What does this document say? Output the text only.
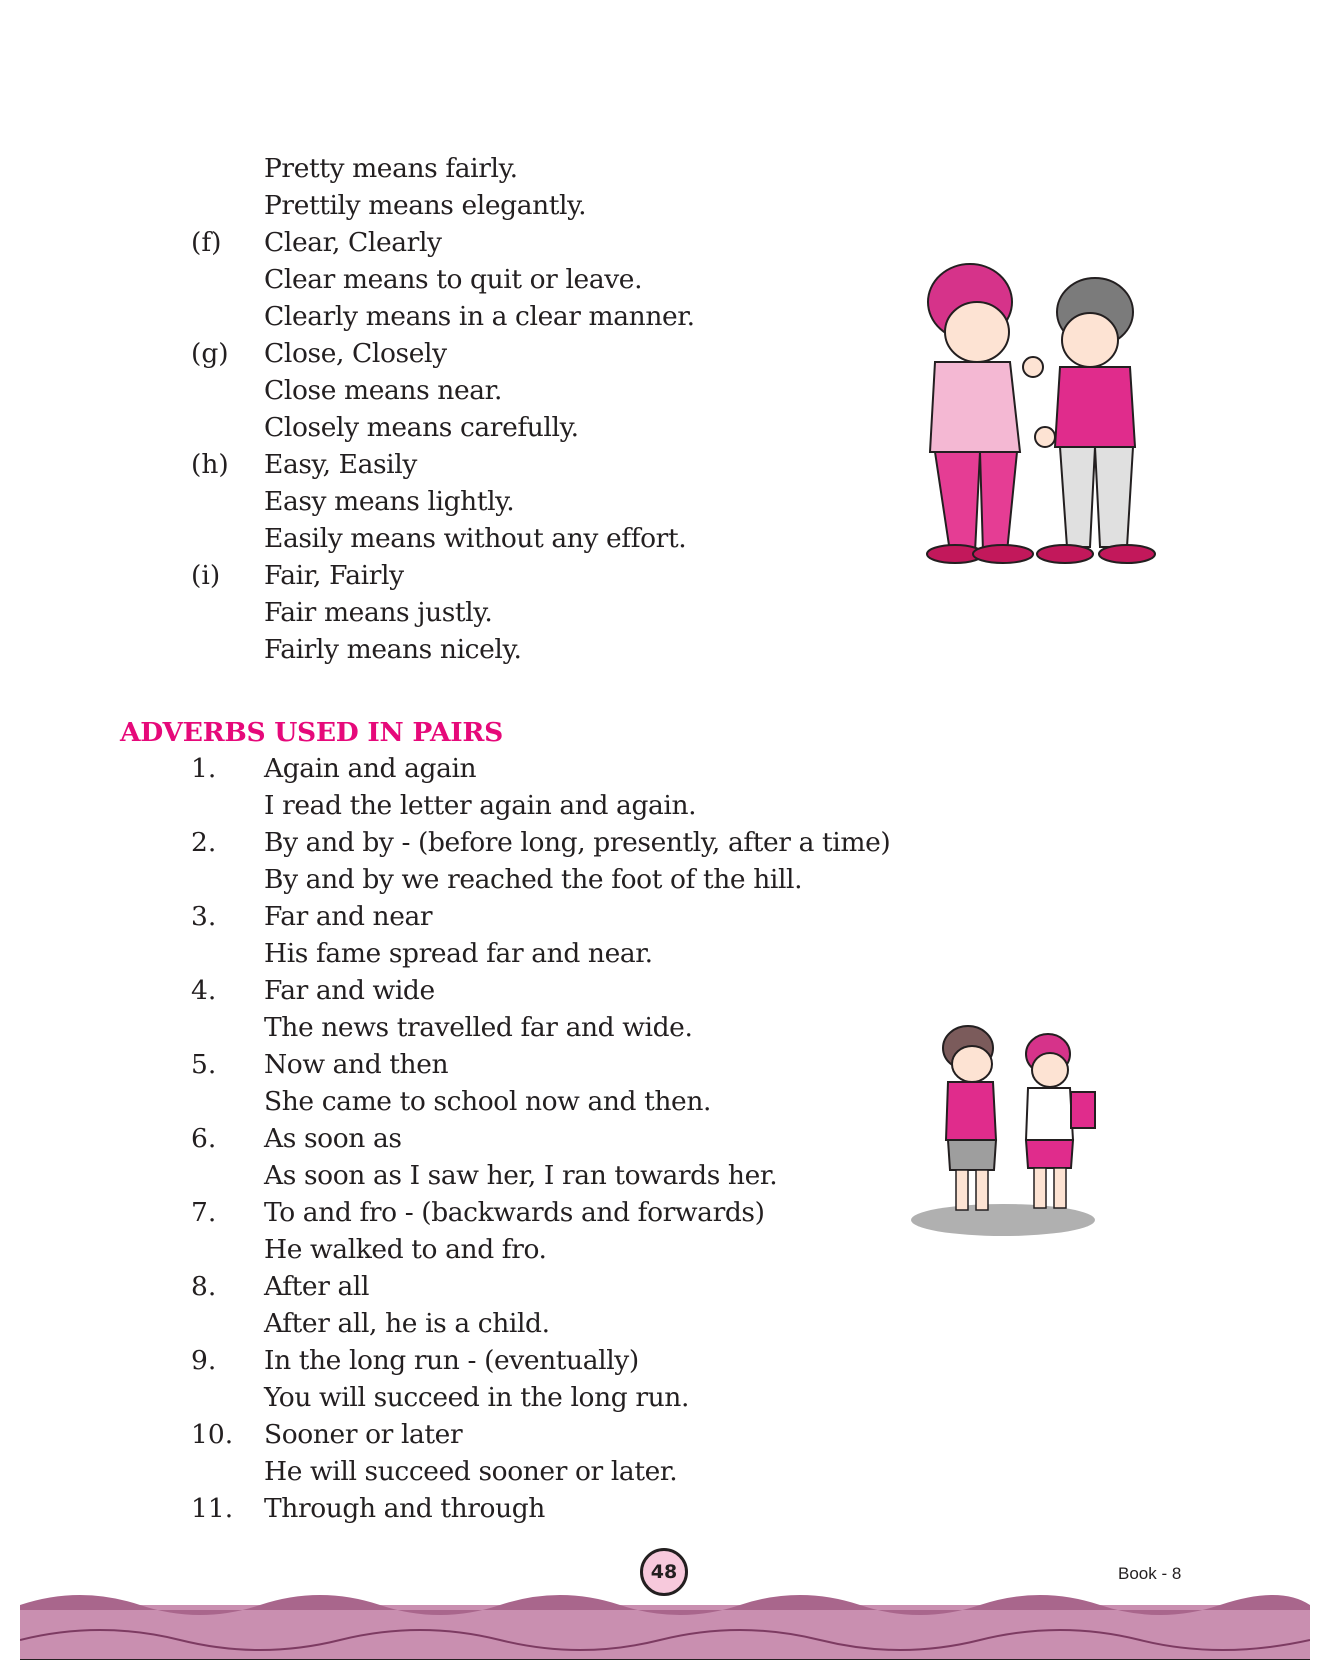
Pretty means fairly.
Prettily means elegantly.
(f) Clear, Clearly
Clear means to quit or leave.
Clearly means in a clear manner.
(g) Close, Closely
Close means near.
Closely means carefully.
(h) Easy, Easily
Easy means lightly.
Easily means without any effort.
(i) Fair, Fairly
Fair means justly.
Fairly means nicely.
ADVERBS USED IN PAIRS
1. Again and again
I read the letter again and again.
2. By and by - (before long, presently, after a time)
By and by we reached the foot of the hill.
3. Far and near
His fame spread far and near.
4. Far and wide
The news travelled far and wide.
5. Now and then
She came to school now and then.
6. As soon as
As soon as I saw her, I ran towards her.
7. To and fro - (backwards and forwards)
He walked to and fro.
8. After all
After all, he is a child.
9. In the long run - (eventually)
You will succeed in the long run.
10. Sooner or later
He will succeed sooner or later.
11. Through and through
48	Book - 8
